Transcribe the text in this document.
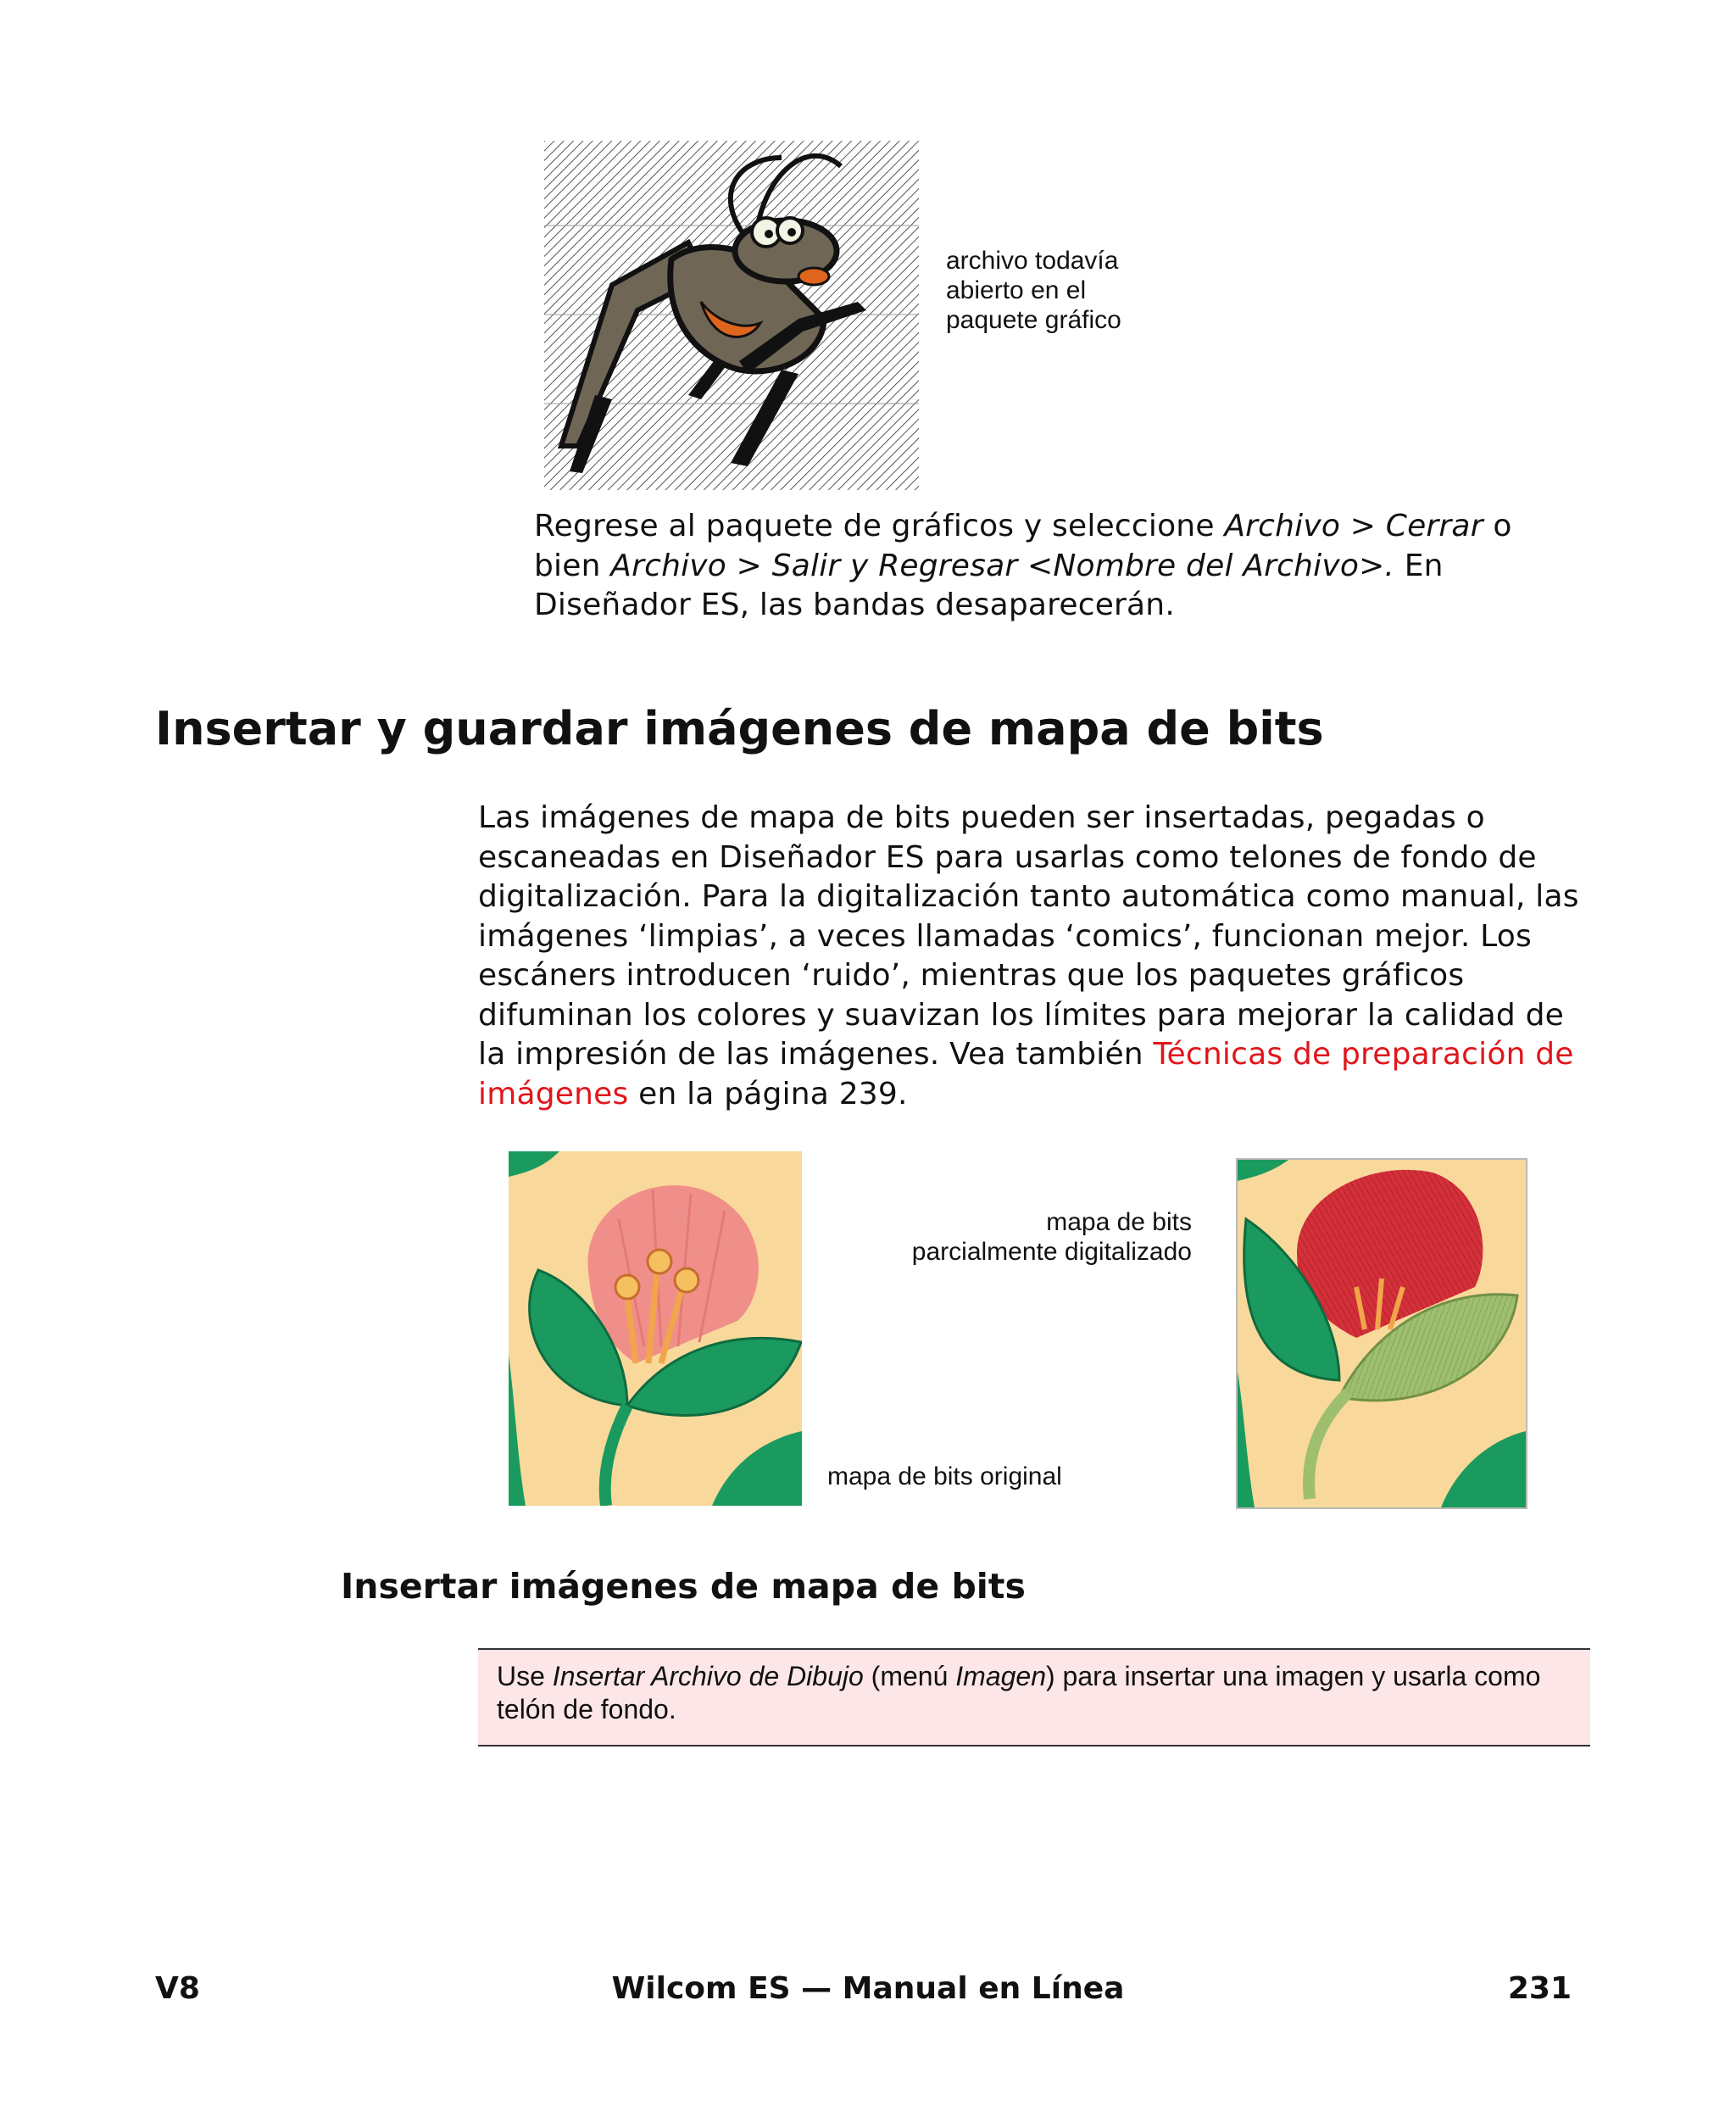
archivo todavía
abierto en el
paquete gráfico

Regrese al paquete de gráficos y seleccione Archivo > Cerrar o bien Archivo > Salir y Regresar <Nombre del Archivo>. En Diseñador ES, las bandas desaparecerán.

Insertar y guardar imágenes de mapa de bits

Las imágenes de mapa de bits pueden ser insertadas, pegadas o escaneadas en Diseñador ES para usarlas como telones de fondo de digitalización. Para la digitalización tanto automática como manual, las imágenes ‘limpias’, a veces llamadas ‘comics’, funcionan mejor. Los escáners introducen ‘ruido’, mientras que los paquetes gráficos difuminan los colores y suavizan los límites para mejorar la calidad de la impresión de las imágenes. Vea también Técnicas de preparación de imágenes en la página 239.

mapa de bits
parcialmente digitalizado
mapa de bits original
Insertar imágenes de mapa de bits

Use Insertar Archivo de Dibujo (menú Imagen) para insertar una imagen y usarla como telón de fondo.

V8	Wilcom ES — Manual en Línea	231
